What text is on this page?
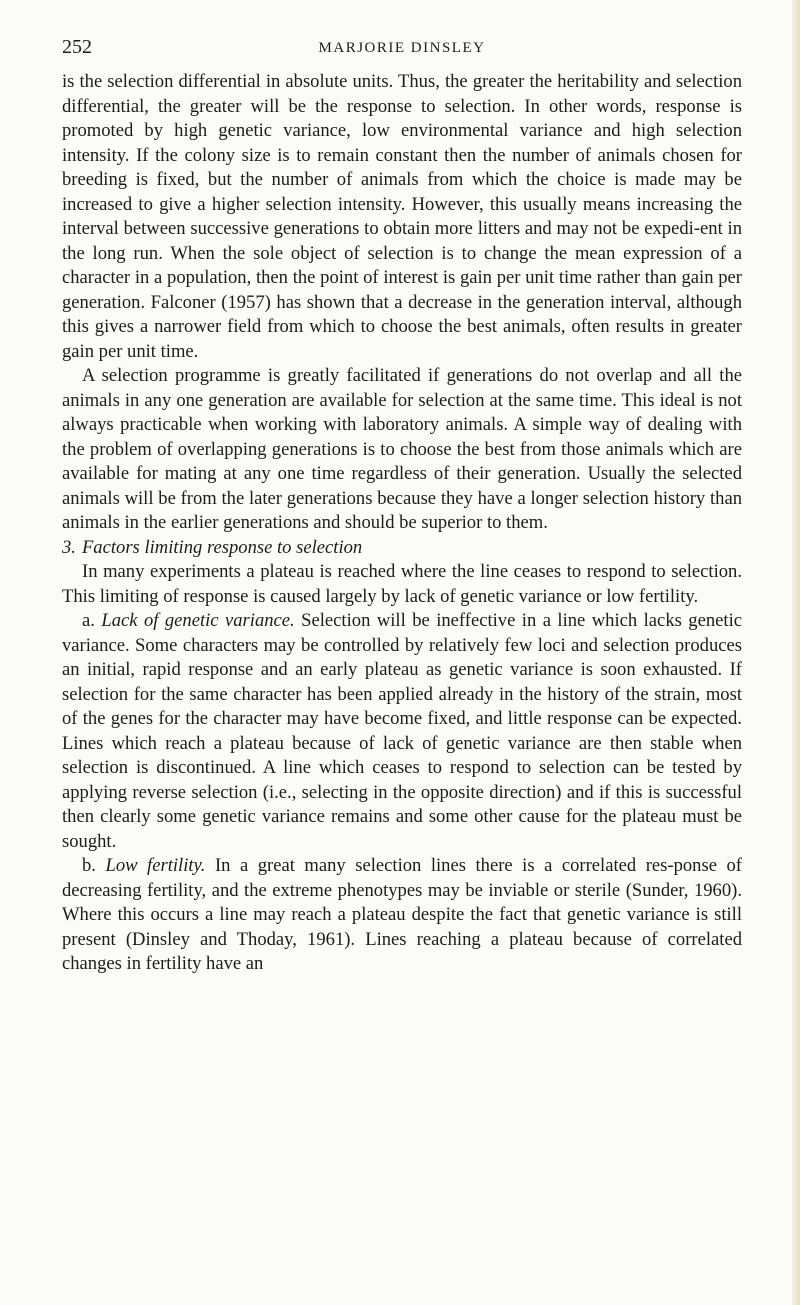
252	MARJORIE DINSLEY

is the selection differential in absolute units. Thus, the greater the heritability and selection differential, the greater will be the response to selection. In other words, response is promoted by high genetic variance, low environmental variance and high selection intensity. If the colony size is to remain constant then the number of animals chosen for breeding is fixed, but the number of animals from which the choice is made may be increased to give a higher selection intensity. However, this usually means increasing the interval between successive generations to obtain more litters and may not be expedi-ent in the long run. When the sole object of selection is to change the mean expression of a character in a population, then the point of interest is gain per unit time rather than gain per generation. Falconer (1957) has shown that a decrease in the generation interval, although this gives a narrower field from which to choose the best animals, often results in greater gain per unit time.

A selection programme is greatly facilitated if generations do not overlap and all the animals in any one generation are available for selection at the same time. This ideal is not always practicable when working with laboratory animals. A simple way of dealing with the problem of overlapping generations is to choose the best from those animals which are available for mating at any one time regardless of their generation. Usually the selected animals will be from the later generations because they have a longer selection history than animals in the earlier generations and should be superior to them.

3. Factors limiting response to selection

In many experiments a plateau is reached where the line ceases to respond to selection. This limiting of response is caused largely by lack of genetic variance or low fertility.

a. Lack of genetic variance. Selection will be ineffective in a line which lacks genetic variance. Some characters may be controlled by relatively few loci and selection produces an initial, rapid response and an early plateau as genetic variance is soon exhausted. If selection for the same character has been applied already in the history of the strain, most of the genes for the character may have become fixed, and little response can be expected. Lines which reach a plateau because of lack of genetic variance are then stable when selection is discontinued. A line which ceases to respond to selection can be tested by applying reverse selection (i.e., selecting in the opposite direction) and if this is successful then clearly some genetic variance remains and some other cause for the plateau must be sought.

b. Low fertility. In a great many selection lines there is a correlated res-ponse of decreasing fertility, and the extreme phenotypes may be inviable or sterile (Sunder, 1960). Where this occurs a line may reach a plateau despite the fact that genetic variance is still present (Dinsley and Thoday, 1961). Lines reaching a plateau because of correlated changes in fertility have an
